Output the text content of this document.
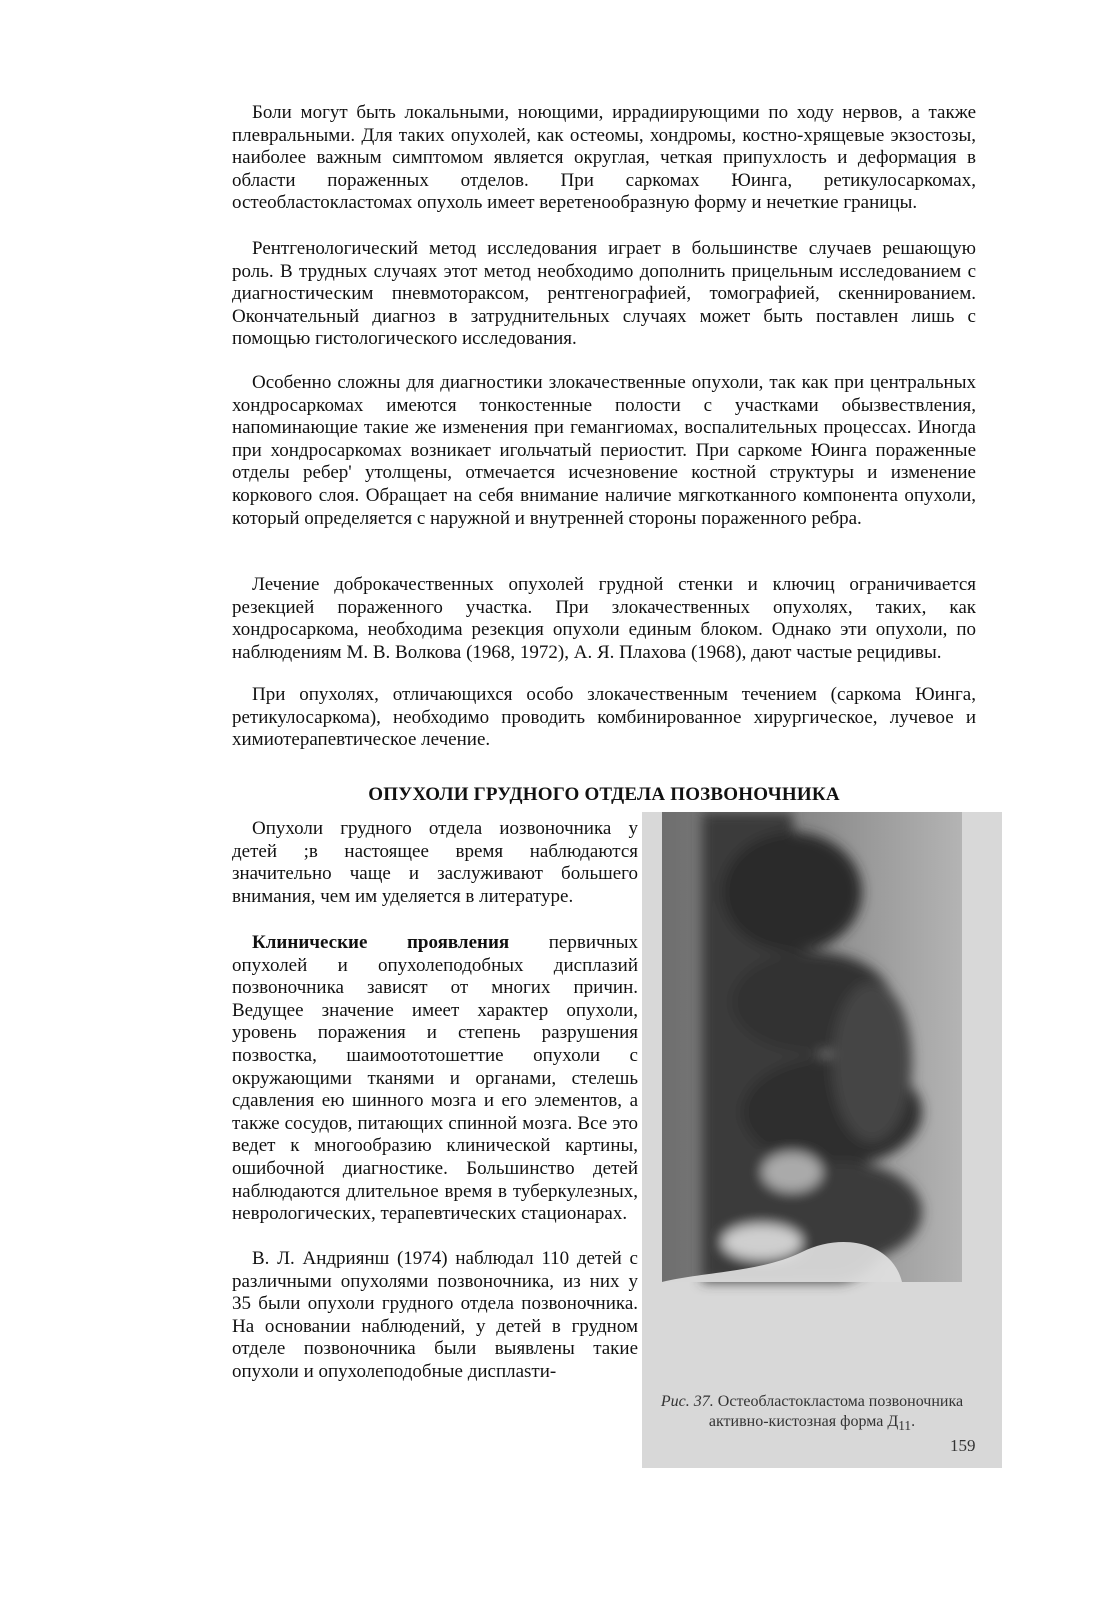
Боли могут быть локальными, ноющими, иррадиирующими по ходу нервов, а также плевральными. Для таких опухолей, как остеомы, хондромы, костно-хрящевые экзостозы, наиболее важным симптомом является округлая, четкая припухлость и деформация в области пораженных отделов. При саркомах Юинга, ретикулосаркомах, остеобластокластомах опухоль имеет веретенообразную форму и нечеткие границы.

Рентгенологический метод исследования играет в большинстве случаев решающую роль. В трудных случаях этот метод необходимо дополнить прицельным исследованием с диагностическим пневмотораксом, рентгенографией, томографией, скеннированием. Окончательный диагноз в затруднительных случаях может быть поставлен лишь с помощью гистологического исследования.

Особенно сложны для диагностики злокачественные опухоли, так как при центральных хондросаркомах имеются тонкостенные полости с участками обызвествления, напоминающие такие же изменения при гемангиомах, воспалительных процессах. Иногда при хондросаркомах возникает игольчатый периостит. При саркоме Юинга пораженные отделы ребер' утолщены, отмечается исчезновение костной структуры и изменение коркового слоя. Обращает на себя внимание наличие мягкотканного компонента опухоли, который определяется с наружной и внутренней стороны пораженного ребра.

Лечение доброкачественных опухолей грудной стенки и ключиц ограничивается резекцией пораженного участка. При злокачественных опухолях, таких, как хондросаркома, необходима резекция опухоли единым блоком. Однако эти опухоли, по наблюдениям М. В. Волкова (1968, 1972), А. Я. Плахова (1968), дают частые рецидивы.

При опухолях, отличающихся особо злокачественным течением (саркома Юинга, ретикулосаркома), необходимо проводить комбинированное хирургическое, лучевое и химиотерапевтическое лечение.

ОПУХОЛИ ГРУДНОГО ОТДЕЛА ПОЗВОНОЧНИКА

Опухоли грудного отдела иозвоночника у детей ;в настоящее время наблюдаются значительно чаще и заслуживают большего внимания, чем им уделяется в литературе.

Клинические проявления первичных опухолей и опухолеподобных дисплазий позвоночника зависят от многих причин. Ведущее значение имеет характер опухоли, уровень поражения и степень разрушения позвостка, шаимоототошеттие опухоли с окружающими тканями и органами, стелешь сдавления ею шинного мозга и его элементов, а также сосудов, питающих спинной мозга. Все это ведет к многообразию клинической картины, ошибочной диагностике. Большинство детей наблюдаются длительное время в туберкулезных, неврологических, терапевтических стационарах.

В. Л. Андриянш (1974) наблюдал 110 детей с различными опухолями позвоночника, из них у 35 были опухоли грудного отдела позвоночника. На основании наблюдений, у детей в грудном отделе позвоночника были выявлены такие опухоли и опухолеподобные дисплasти-

Рис. 37. Остеобластокластома позвоночника активно-кистозная форма $Д_{11}$.

159
